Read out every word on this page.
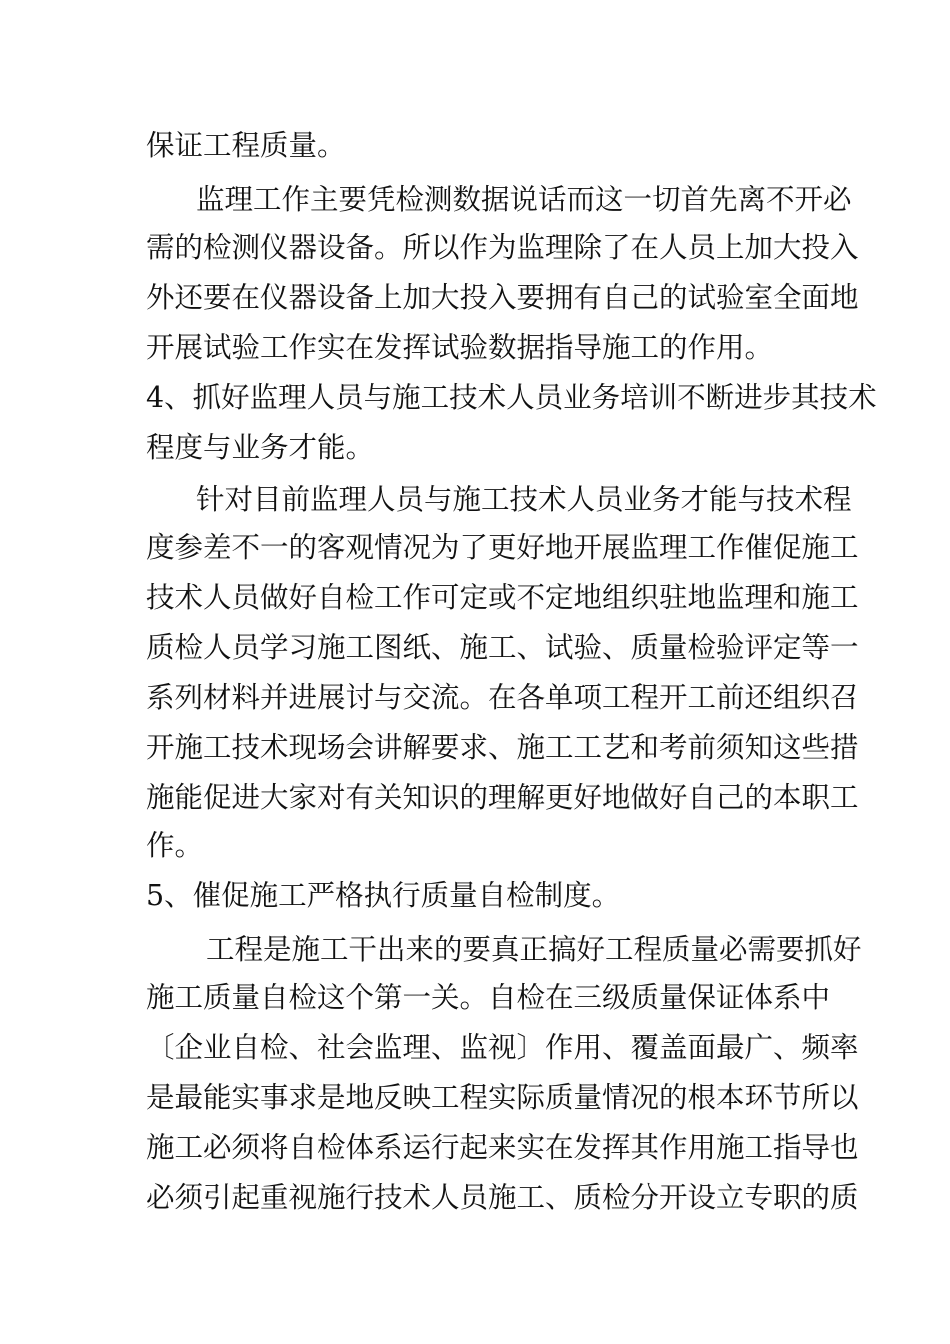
保证工程质量。
监理工作主要凭检测数据说话而这一切首先离不开必
需的检测仪器设备。所以作为监理除了在人员上加大投入
外还要在仪器设备上加大投入要拥有自己的试验室全面地
开展试验工作实在发挥试验数据指导施工的作用。
4、抓好监理人员与施工技术人员业务培训不断进步其技术
程度与业务才能。
针对目前监理人员与施工技术人员业务才能与技术程
度参差不一的客观情况为了更好地开展监理工作催促施工
技术人员做好自检工作可定或不定地组织驻地监理和施工
质检人员学习施工图纸、施工、试验、质量检验评定等一
系列材料并进展讨与交流。在各单项工程开工前还组织召
开施工技术现场会讲解要求、施工工艺和考前须知这些措
施能促进大家对有关知识的理解更好地做好自己的本职工
作。
5、催促施工严格执行质量自检制度。
工程是施工干出来的要真正搞好工程质量必需要抓好
施工质量自检这个第一关。自检在三级质量保证体系中
〔企业自检、社会监理、监视〕作用、覆盖面最广、频率
是最能实事求是地反映工程实际质量情况的根本环节所以
施工必须将自检体系运行起来实在发挥其作用施工指导也
必须引起重视施行技术人员施工、质检分开设立专职的质
